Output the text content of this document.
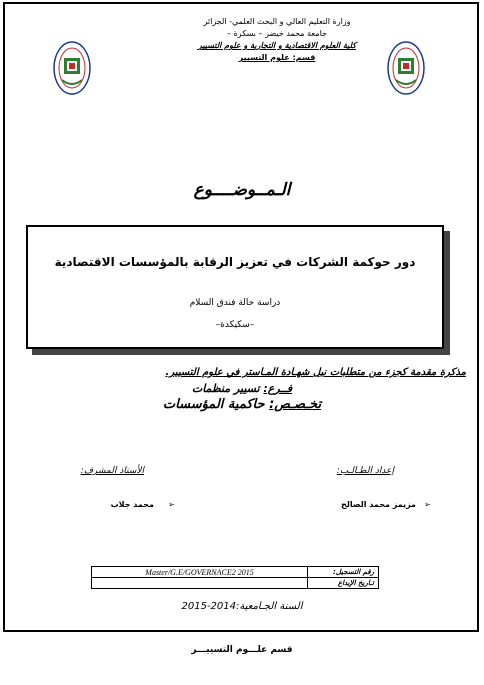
وزارة التعليم العالي و البحث العلمي- الجزائر
جامعة محمد خيضر – بسكرة –
كلية العلوم الاقتصادية و التجارية و علوم التسيير
قسم: علوم التسيير
الـمــوضــــوع
دور حوكمة الشركات في تعزيز الرقابة بالمؤسسات الاقتصادية
دراسة حالة فندق السلام
–سكيكدة–
مذكرة مقدمة كجزء من متطلبات نيل شهـادة المـاستر في علوم التسيير.
فــرع: تسيير منظمات
تخـصـص: حاكمية المؤسسات
إعداد الطـالـب:
الأستاذ المشرف:
➢
مزيمز محمد الصالح
➢
محمد جلاب
Master/G.E/GOVERNACE2 2015	رقم التسجيل:
	تـاريخ الإيداع
السنة الجـامعية:2014-2015
قسم علـــوم التسييـــر
